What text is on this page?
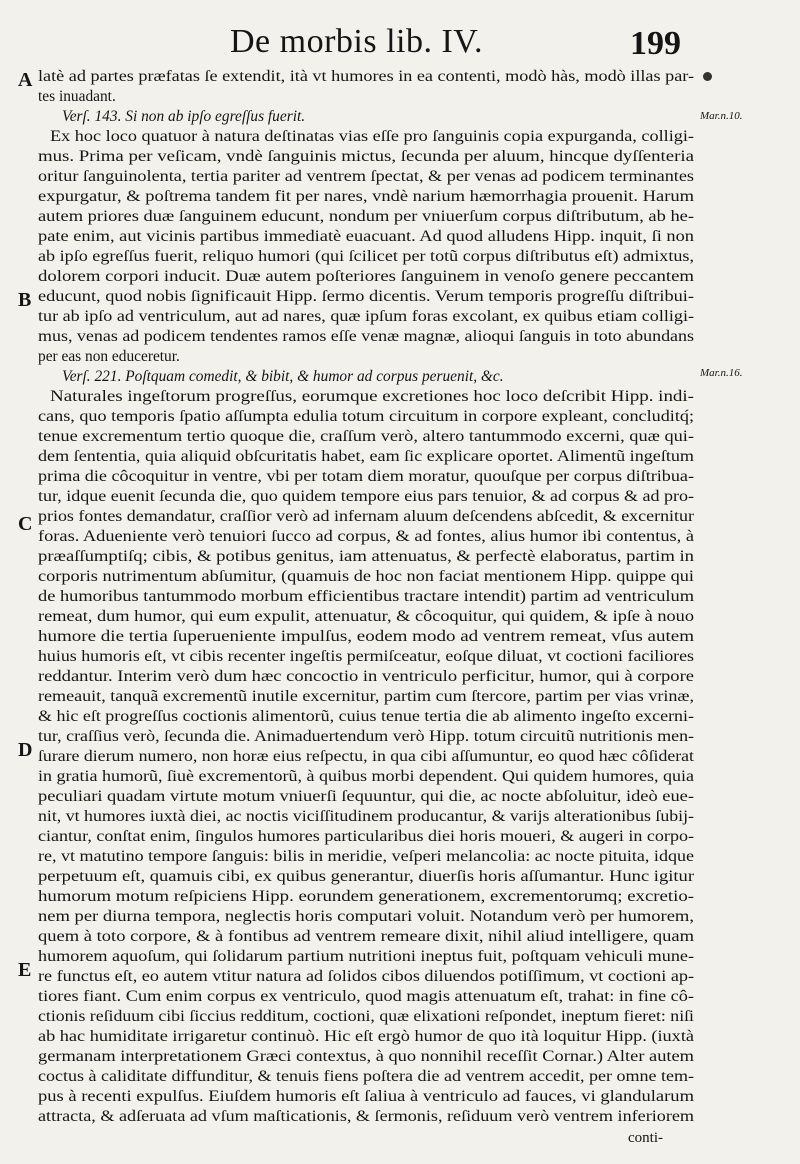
De morbis lib. IV.	199
A
B
C
D
E
Mar.n.10.
Mar.n.16.
latè ad partes præfatas ſe extendit, ità vt humores in ea contenti, modò hàs, modò illas par-
tes inuadant.
Verſ. 143. Si non ab ipſo egreſſus fuerit.
Ex hoc loco quatuor à natura deſtinatas vias eſſe pro ſanguinis copia expurganda, colligi-
mus. Prima per veſicam, vndè ſanguinis mictus, ſecunda per aluum, hincque dyſſenteria
oritur ſanguinolenta, tertia pariter ad ventrem ſpectat, & per venas ad podicem terminantes
expurgatur, & poſtrema tandem fit per nares, vndè narium hæmorrhagia prouenit. Harum
autem priores duæ ſanguinem educunt, nondum per vniuerſum corpus diſtributum, ab he-
pate enim, aut vicinis partibus immediatè euacuant. Ad quod alludens Hipp. inquit, ſi non
ab ipſo egreſſus fuerit, reliquo humori (qui ſcilicet per totũ corpus diſtributus eſt) admixtus,
dolorem corpori inducit. Duæ autem poſteriores ſanguinem in venoſo genere peccantem
educunt, quod nobis ſignificauit Hipp. ſermo dicentis. Verum temporis progreſſu diſtribui-
tur ab ipſo ad ventriculum, aut ad nares, quæ ipſum foras excolant, ex quibus etiam colligi-
mus, venas ad podicem tendentes ramos eſſe venæ magnæ, alioqui ſanguis in toto abundans
per eas non educeretur.
Verſ. 221. Poſtquam comedit, & bibit, & humor ad corpus peruenit, &c.
Naturales ingeſtorum progreſſus, eorumque excretiones hoc loco deſcribit Hipp. indi-
cans, quo temporis ſpatio aſſumpta edulia totum circuitum in corpore expleant, concluditq́;
tenue excrementum tertio quoque die, craſſum verò, altero tantummodo excerni, quæ qui-
dem ſententia, quia aliquid obſcuritatis habet, eam ſic explicare oportet. Alimentũ ingeſtum
prima die côcoquitur in ventre, vbi per totam diem moratur, quouſque per corpus diſtribua-
tur, idque euenit ſecunda die, quo quidem tempore eius pars tenuior, & ad corpus & ad pro-
prios fontes demandatur, craſſior verò ad infernam aluum deſcendens abſcedit, & excernitur
foras. Adueniente verò tenuiori ſucco ad corpus, & ad fontes, alius humor ibi contentus, à
præaſſumptiſq; cibis, & potibus genitus, iam attenuatus, & perfectè elaboratus, partim in
corporis nutrimentum abſumitur, (quamuis de hoc non faciat mentionem Hipp. quippe qui
de humoribus tantummodo morbum efficientibus tractare intendit) partim ad ventriculum
remeat, dum humor, qui eum expulit, attenuatur, & côcoquitur, qui quidem, & ipſe à nouo
humore die tertia ſuperueniente impulſus, eodem modo ad ventrem remeat, vſus autem
huius humoris eſt, vt cibis recenter ingeſtis permiſceatur, eoſque diluat, vt coctioni faciliores
reddantur. Interim verò dum hæc concoctio in ventriculo perficitur, humor, qui à corpore
remeauit, tanquã excrementũ inutile excernitur, partim cum ſtercore, partim per vias vrinæ,
& hic eſt progreſſus coctionis alimentorũ, cuius tenue tertia die ab alimento ingeſto excerni-
tur, craſſius verò, ſecunda die. Animaduertendum verò Hipp. totum circuitũ nutritionis men-
ſurare dierum numero, non horæ eius reſpectu, in qua cibi aſſumuntur, eo quod hæc côſiderat
in gratia humorũ, ſiuè excrementorũ, à quibus morbi dependent. Qui quidem humores, quia
peculiari quadam virtute motum vniuerſi ſequuntur, qui die, ac nocte abſoluitur, ideò eue-
nit, vt humores iuxtà diei, ac noctis viciſſitudinem producantur, & varijs alterationibus ſubij-
ciantur, conſtat enim, ſingulos humores particularibus diei horis moueri, & augeri in corpo-
re, vt matutino tempore ſanguis: bilis in meridie, veſperi melancolia: ac nocte pituita, idque
perpetuum eſt, quamuis cibi, ex quibus generantur, diuerſis horis aſſumantur. Hunc igitur
humorum motum reſpiciens Hipp. eorundem generationem, excrementorumq; excretio-
nem per diurna tempora, neglectis horis computari voluit. Notandum verò per humorem,
quem à toto corpore, & à fontibus ad ventrem remeare dixit, nihil aliud intelligere, quam
humorem aquoſum, qui ſolidarum partium nutritioni ineptus fuit, poſtquam vehiculi mune-
re functus eſt, eo autem vtitur natura ad ſolidos cibos diluendos potiſſimum, vt coctioni ap-
tiores fiant. Cum enim corpus ex ventriculo, quod magis attenuatum eſt, trahat: in fine cô-
ctionis reſiduum cibi ſiccius redditum, coctioni, quæ elixationi reſpondet, ineptum fieret: niſi
ab hac humiditate irrigaretur continuò. Hic eſt ergò humor de quo ità loquitur Hipp. (iuxtà
germanam interpretationem Græci contextus, à quo nonnihil receſſit Cornar.) Alter autem
coctus à caliditate diffunditur, & tenuis fiens poſtera die ad ventrem accedit, per omne tem-
pus à recenti expulſus. Eiuſdem humoris eſt ſaliua à ventriculo ad fauces, vi glandularum
attracta, & adſeruata ad vſum maſticationis, & ſermonis, reſiduum verò ventrem inferiorem
conti-
